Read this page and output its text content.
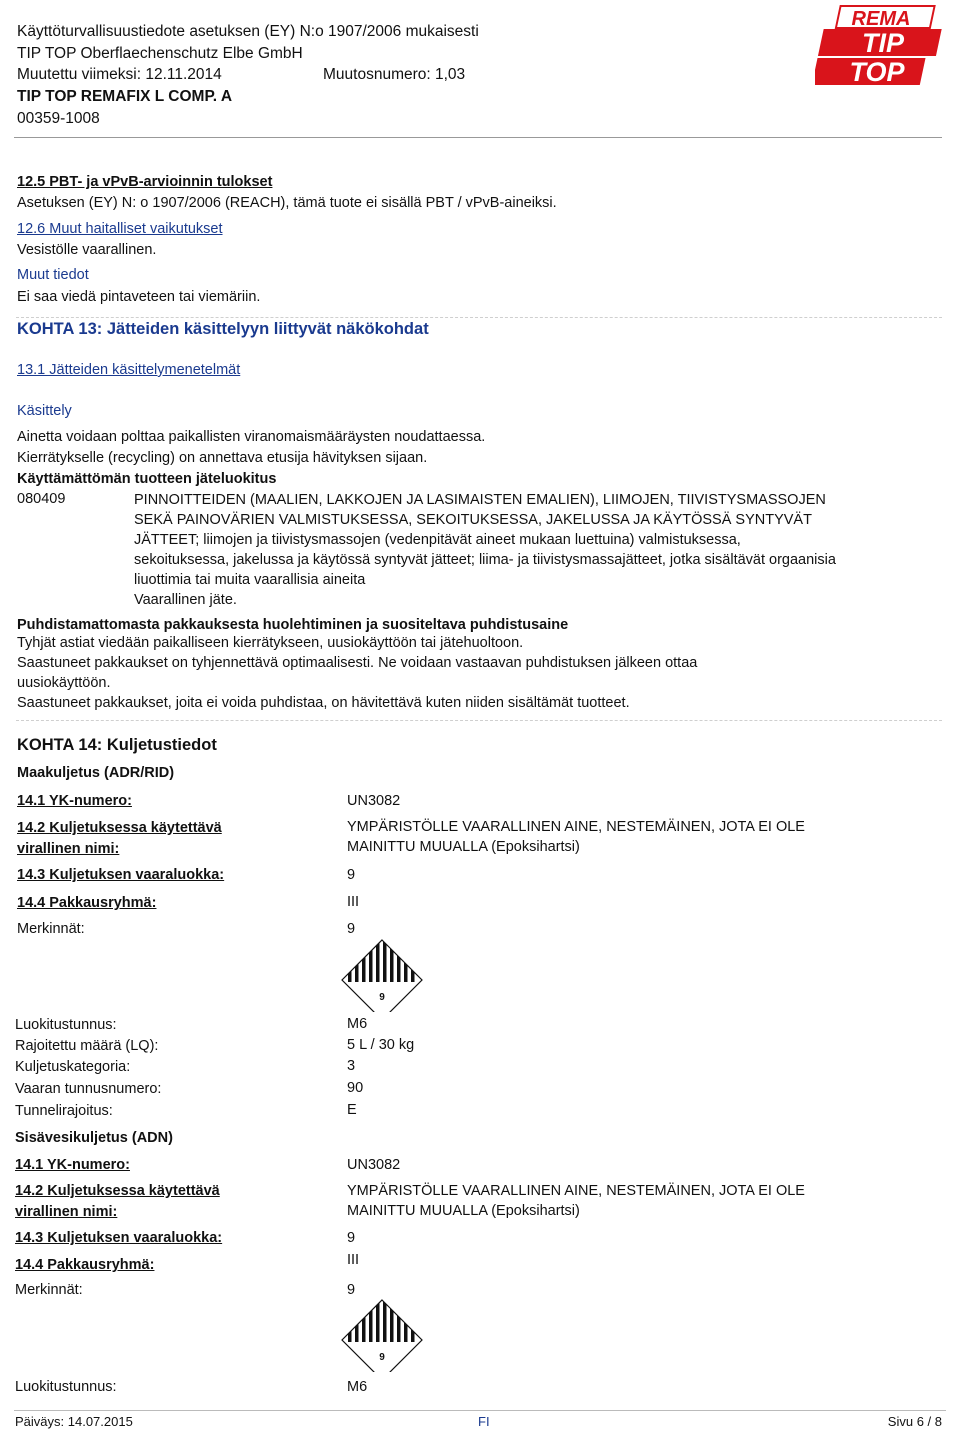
Käyttöturvallisuustiedote asetuksen (EY) N:o 1907/2006 mukaisesti
TIP TOP Oberflaechenschutz Elbe GmbH
Muutettu viimeksi: 12.11.2014	Muutosnumero: 1,03
TIP TOP REMAFIX L COMP. A
00359-1008
REMA
TIP
TOP
12.5 PBT- ja vPvB-arvioinnin tulokset
Asetuksen (EY) N: o 1907/2006 (REACH), tämä tuote ei sisällä PBT / vPvB-aineiksi.
12.6 Muut haitalliset vaikutukset
Vesistölle vaarallinen.
Muut tiedot
Ei saa viedä pintaveteen tai viemäriin.
KOHTA 13: Jätteiden käsittelyyn liittyvät näkökohdat
13.1 Jätteiden käsittelymenetelmät
Käsittely
Ainetta voidaan polttaa paikallisten viranomaismääräysten noudattaessa.
Kierrätykselle (recycling) on annettava etusija hävityksen sijaan.
Käyttämättömän tuotteen jäteluokitus
080409	PINNOITTEIDEN (MAALIEN, LAKKOJEN JA LASIMAISTEN EMALIEN), LIIMOJEN, TIIVISTYSMASSOJEN
SEKÄ PAINOVÄRIEN VALMISTUKSESSA, SEKOITUKSESSA, JAKELUSSA JA KÄYTÖSSÄ SYNTYVÄT
JÄTTEET; liimojen ja tiivistysmassojen (vedenpitävät aineet mukaan luettuina) valmistuksessa,
sekoituksessa, jakelussa ja käytössä syntyvät jätteet; liima- ja tiivistysmassajätteet, jotka sisältävät orgaanisia
liuottimia tai muita vaarallisia aineita
Vaarallinen jäte.
Puhdistamattomasta pakkauksesta huolehtiminen ja suositeltava puhdistusaine
Tyhjät astiat viedään paikalliseen kierrätykseen, uusiokäyttöön tai jätehuoltoon.
Saastuneet pakkaukset on tyhjennettävä optimaalisesti. Ne voidaan vastaavan puhdistuksen jälkeen ottaa
uusiokäyttöön.
Saastuneet pakkaukset, joita ei voida puhdistaa, on hävitettävä kuten niiden sisältämät tuotteet.
KOHTA 14: Kuljetustiedot
Maakuljetus (ADR/RID)
14.1 YK-numero:	UN3082
14.2 Kuljetuksessa käytettävä
virallinen nimi:
YMPÄRISTÖLLE VAARALLINEN AINE, NESTEMÄINEN, JOTA EI OLE
MAINITTU MUUALLA (Epoksihartsi)
14.3 Kuljetuksen vaaraluokka:	9
14.4 Pakkausryhmä:	III
Merkinnät:	9
9
Luokitustunnus:	M6
Rajoitettu määrä (LQ):	5 L / 30 kg
Kuljetuskategoria:	3
Vaaran tunnusnumero:	90
Tunnelirajoitus:	E
Sisävesikuljetus (ADN)
14.1 YK-numero:	UN3082
14.2 Kuljetuksessa käytettävä
virallinen nimi:
YMPÄRISTÖLLE VAARALLINEN AINE, NESTEMÄINEN, JOTA EI OLE
MAINITTU MUUALLA (Epoksihartsi)
14.3 Kuljetuksen vaaraluokka:	9
14.4 Pakkausryhmä:	III
Merkinnät:	9
9
Luokitustunnus:	M6
Päiväys: 14.07.2015	FI	Sivu 6 / 8
